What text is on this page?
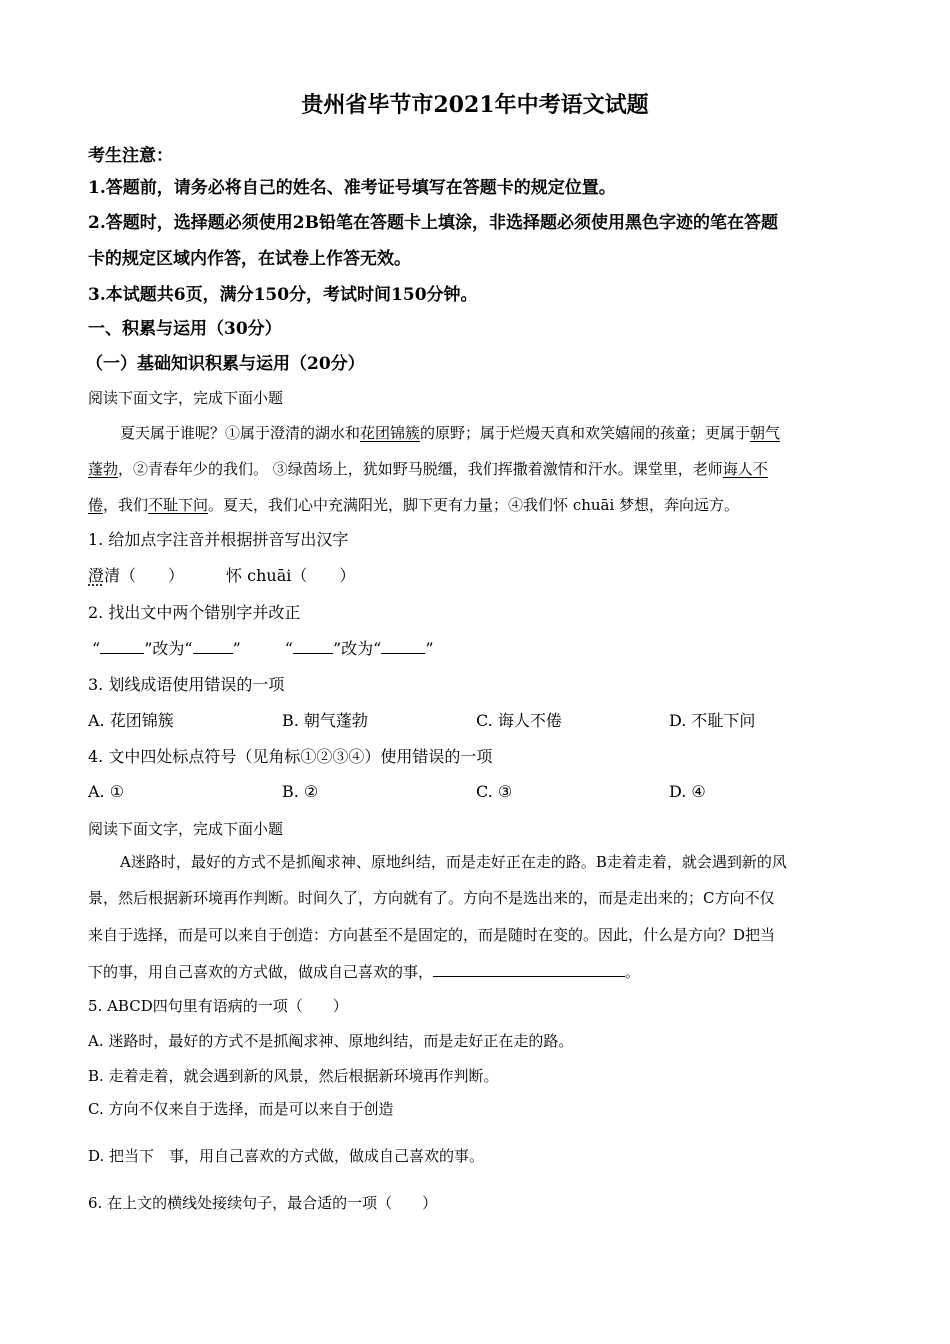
贵州省毕节市2021年中考语文试题
考生注意：
1.答题前，请务必将自己的姓名、准考证号填写在答题卡的规定位置。
2.答题时，选择题必须使用2B铅笔在答题卡上填涂，非选择题必须使用黑色字迹的笔在答题
卡的规定区域内作答，在试卷上作答无效。
3.本试题共6页，满分150分，考试时间150分钟。
一、积累与运用（30分）
（一）基础知识积累与运用（20分）
阅读下面文字，完成下面小题
夏天属于谁呢？①属于澄清的湖水和花团锦簇的原野；属于烂熳天真和欢笑嬉闹的孩童；更属于朝气
蓬勃，②青春年少的我们。 ③绿茵场上，犹如野马脱缰，我们挥撒着激情和汗水。课堂里，老师诲人不
倦，我们不耻下问。夏天，我们心中充满阳光，脚下更有力量；④我们怀 chuāi 梦想，奔向远方。
1. 给加点字注音并根据拼音写出汉字
澄清（　　）	怀 chuāi（　　）
2. 找出文中两个错别字并改正
“	”改为“	”	“	”改为“	”
3. 划线成语使用错误的一项
A. 花团锦簇	B. 朝气蓬勃	C. 诲人不倦	D. 不耻下问
4. 文中四处标点符号（见角标①②③④）使用错误的一项
A. ①	B. ②	C. ③	D. ④
阅读下面文字，完成下面小题
A迷路时，最好的方式不是抓阄求神、原地纠结，而是走好正在走的路。B走着走着，就会遇到新的风
景，然后根据新环境再作判断。时间久了，方向就有了。方向不是选出来的，而是走出来的；C方向不仅
来自于选择，而是可以来自于创造：方向甚至不是固定的，而是随时在变的。因此，什么是方向？D把当
下的事，用自己喜欢的方式做，做成自己喜欢的事，	。
5. ABCD四句里有语病的一项（　　）
A. 迷路时，最好的方式不是抓阄求神、原地纠结，而是走好正在走的路。
B. 走着走着，就会遇到新的风景，然后根据新环境再作判断。
C. 方向不仅来自于选择，而是可以来自于创造
D. 把当下　事，用自己喜欢的方式做，做成自己喜欢的事。
6. 在上文的横线处接续句子，最合适的一项（　　）
